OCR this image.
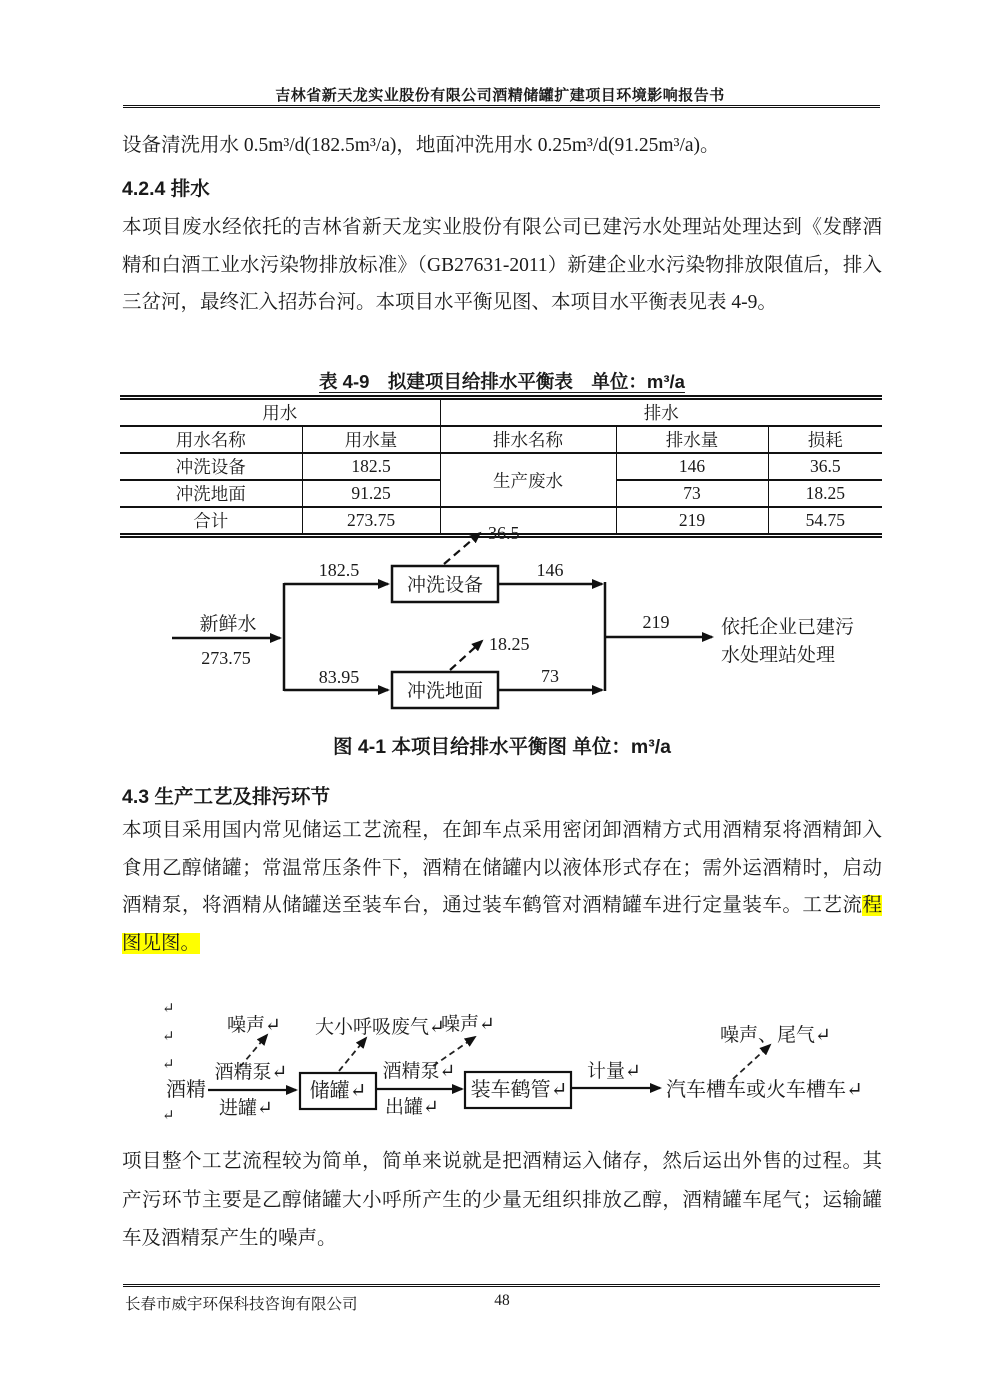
吉林省新天龙实业股份有限公司酒精储罐扩建项目环境影响报告书
设备清洗用水 0.5m³/d(182.5m³/a)，地面冲洗用水 0.25m³/d(91.25m³/a)。
4.2.4 排水
本项目废水经依托的吉林省新天龙实业股份有限公司已建污水处理站处理达到《发酵酒精和白酒工业水污染物排放标准》（GB27631-2011）新建企业水污染物排放限值后，排入三岔河，最终汇入招苏台河。本项目水平衡见图、本项目水平衡表见表 4-9。
表 4-9　拟建项目给排水平衡表　单位：m³/a
用水		排水		
用水名称	用水量	排水名称	排水量	损耗
冲洗设备	182.5	生产废水	146	36.5
冲洗地面	91.25		73	18.25
合计	273.75		219	54.75
新鲜水
273.75
182.5
冲洗设备
36.5
146
83.95
冲洗地面
18.25
73
219	依托企业已建污
水处理站处理
图 4-1 本项目给排水平衡图 单位：m³/a
4.3 生产工艺及排污环节
本项目采用国内常见储运工艺流程，在卸车点采用密闭卸酒精方式用酒精泵将酒精卸入食用乙醇储罐；常温常压条件下，酒精在储罐内以液体形式存在；需外运酒精时，启动酒精泵，将酒精从储罐送至装车台，通过装车鹤管对酒精罐车进行定量装车。工艺流程图见图。
↵
↵
↵
↵
酒精
酒精泵↵
进罐↵
噪声↵
储罐↵
大小呼吸废气↵
酒精泵↵
出罐↵
噪声↵
装车鹤管↵
计量↵
汽车槽车或火车槽车↵
噪声、尾气↵
项目整个工艺流程较为简单，简单来说就是把酒精运入储存，然后运出外售的过程。其产污环节主要是乙醇储罐大小呼所产生的少量无组织排放乙醇，酒精罐车尾气；运输罐车及酒精泵产生的噪声。
48
长春市威宇环保科技咨询有限公司
